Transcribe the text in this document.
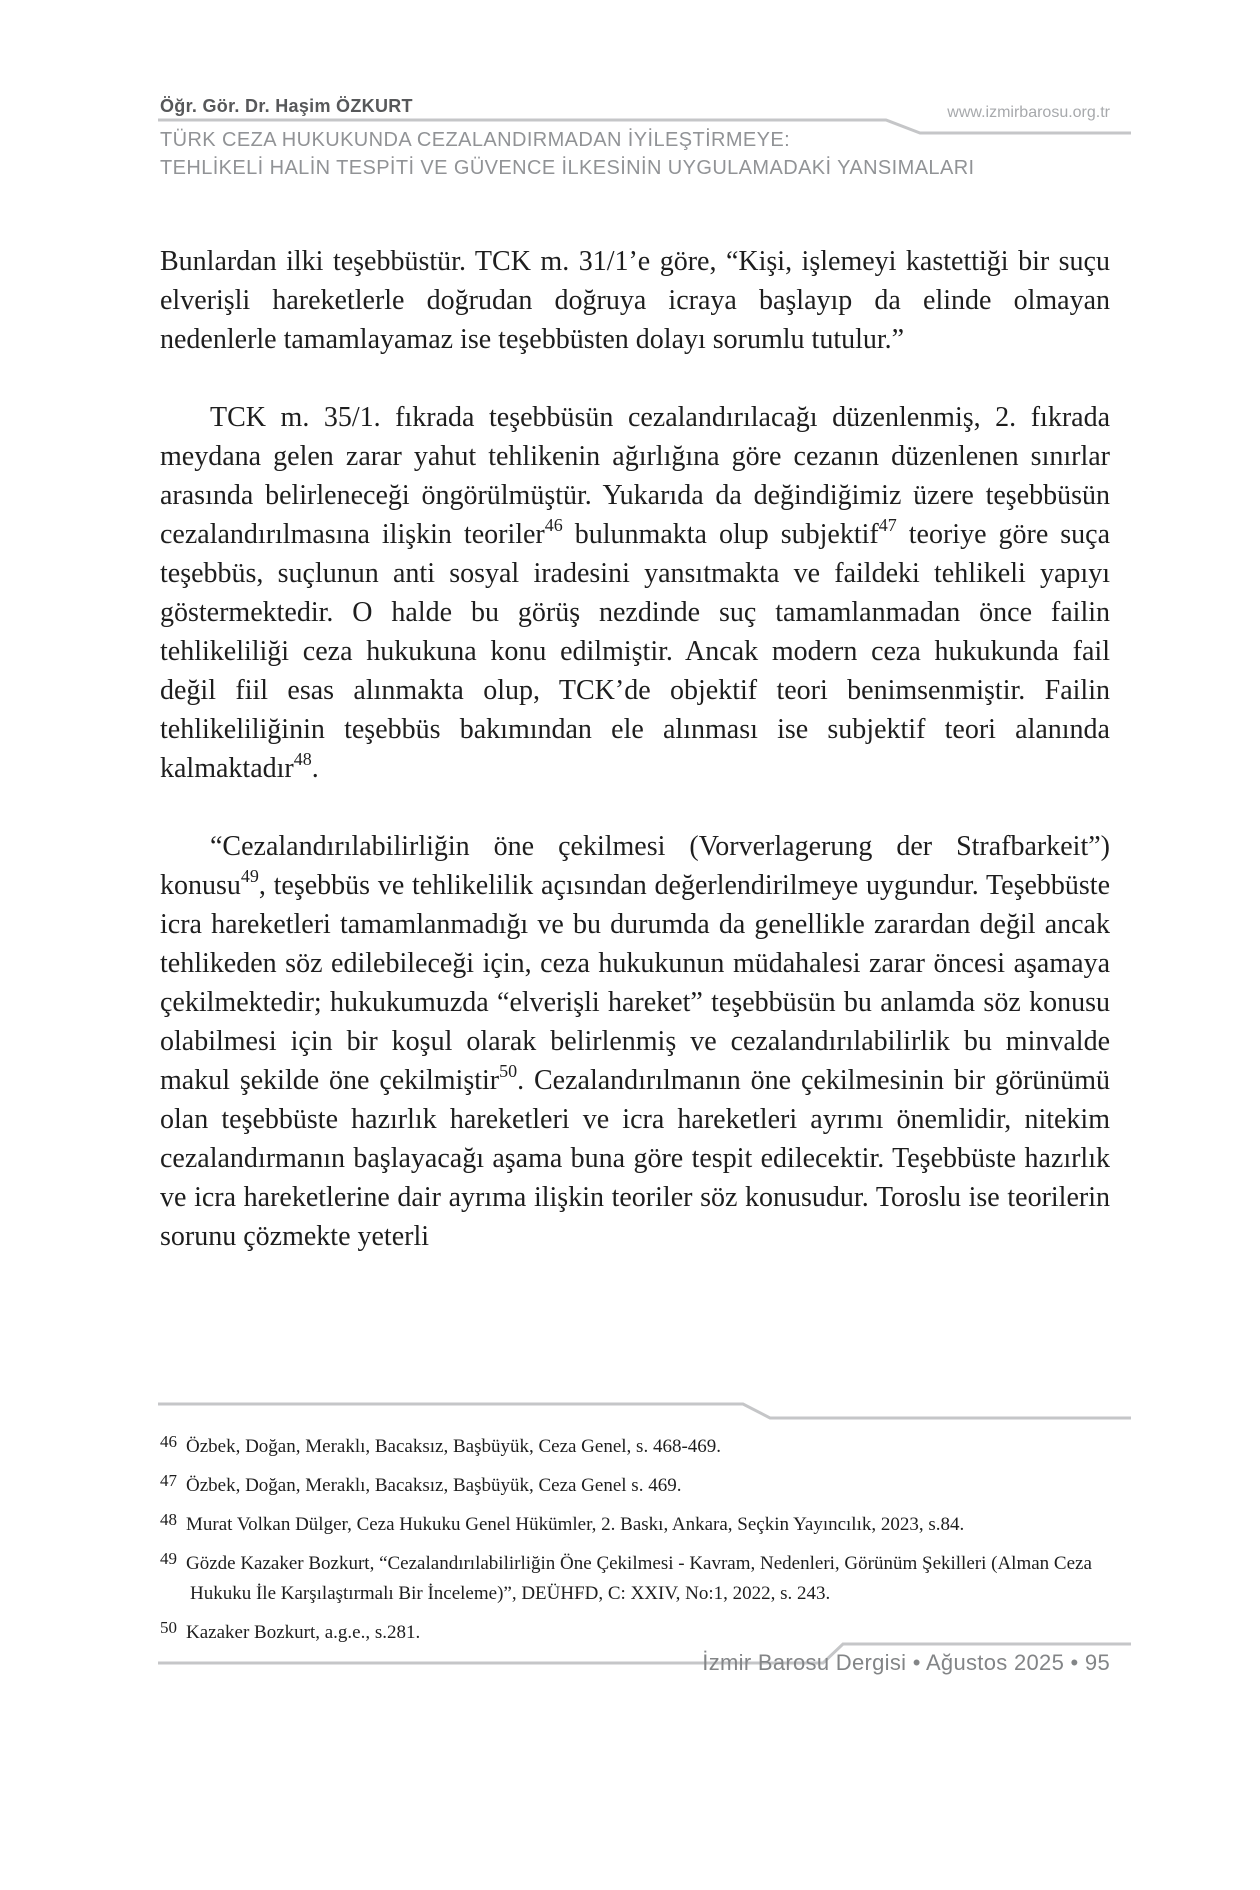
Öğr. Gör. Dr. Haşim ÖZKURT	www.izmirbarosu.org.tr
TÜRK CEZA HUKUKUNDA CEZALANDIRMADAN İYİLEŞTİRMEYE:
TEHLİKELİ HALİN TESPİTİ VE GÜVENCE İLKESİNİN UYGULAMADAKİ YANSIMALARI

Bunlardan ilki teşebbüstür. TCK m. 31/1’e göre, “Kişi, işlemeyi kastettiği bir suçu elverişli hareketlerle doğrudan doğruya icraya başlayıp da elinde olmayan nedenlerle tamamlayamaz ise teşebbüsten dolayı sorumlu tutulur.”

TCK m. 35/1. fıkrada teşebbüsün cezalandırılacağı düzenlenmiş, 2. fıkrada meydana gelen zarar yahut tehlikenin ağırlığına göre cezanın düzenlenen sınırlar arasında belirleneceği öngörülmüştür. Yukarıda da değindiğimiz üzere teşebbüsün cezalandırılmasına ilişkin teoriler$^{46}$ bulunmakta olup subjektif$^{47}$ teoriye göre suça teşebbüs, suçlunun anti sosyal iradesini yansıtmakta ve faildeki tehlikeli yapıyı göstermektedir. O halde bu görüş nezdinde suç tamamlanmadan önce failin tehlikeliliği ceza hukukuna konu edilmiştir. Ancak modern ceza hukukunda fail değil fiil esas alınmakta olup, TCK’de objektif teori benimsenmiştir. Failin tehlikeliliğinin teşebbüs bakımından ele alınması ise subjektif teori alanında kalmaktadır$^{48}$.

“Cezalandırılabilirliğin öne çekilmesi (Vorverlagerung der Strafbarkeit”) konusu$^{49}$, teşebbüs ve tehlikelilik açısından değerlendirilmeye uygundur. Teşebbüste icra hareketleri tamamlanmadığı ve bu durumda da genellikle zarardan değil ancak tehlikeden söz edilebileceği için, ceza hukukunun müdahalesi zarar öncesi aşamaya çekilmektedir; hukukumuzda “elverişli hareket” teşebbüsün bu anlamda söz konusu olabilmesi için bir koşul olarak belirlenmiş ve cezalandırılabilirlik bu minvalde makul şekilde öne çekilmiştir$^{50}$. Cezalandırılmanın öne çekilmesinin bir görünümü olan teşebbüste hazırlık hareketleri ve icra hareketleri ayrımı önemlidir, nitekim cezalandırmanın başlayacağı aşama buna göre tespit edilecektir. Teşebbüste hazırlık ve icra hareketlerine dair ayrıma ilişkin teoriler söz konusudur. Toroslu ise teorilerin sorunu çözmekte yeterli

46 Özbek, Doğan, Meraklı, Bacaksız, Başbüyük, Ceza Genel, s. 468-469.
47 Özbek, Doğan, Meraklı, Bacaksız, Başbüyük, Ceza Genel s. 469.
48 Murat Volkan Dülger, Ceza Hukuku Genel Hükümler, 2. Baskı, Ankara, Seçkin Yayıncılık, 2023, s.84.
49 Gözde Kazaker Bozkurt, “Cezalandırılabilirliğin Öne Çekilmesi - Kavram, Nedenleri, Görünüm Şekilleri (Alman Ceza Hukuku İle Karşılaştırmalı Bir İnceleme)”, DEÜHFD, C: XXIV, No:1, 2022, s. 243.
50 Kazaker Bozkurt, a.g.e., s.281.
İzmir Barosu Dergisi • Ağustos 2025 • 95
